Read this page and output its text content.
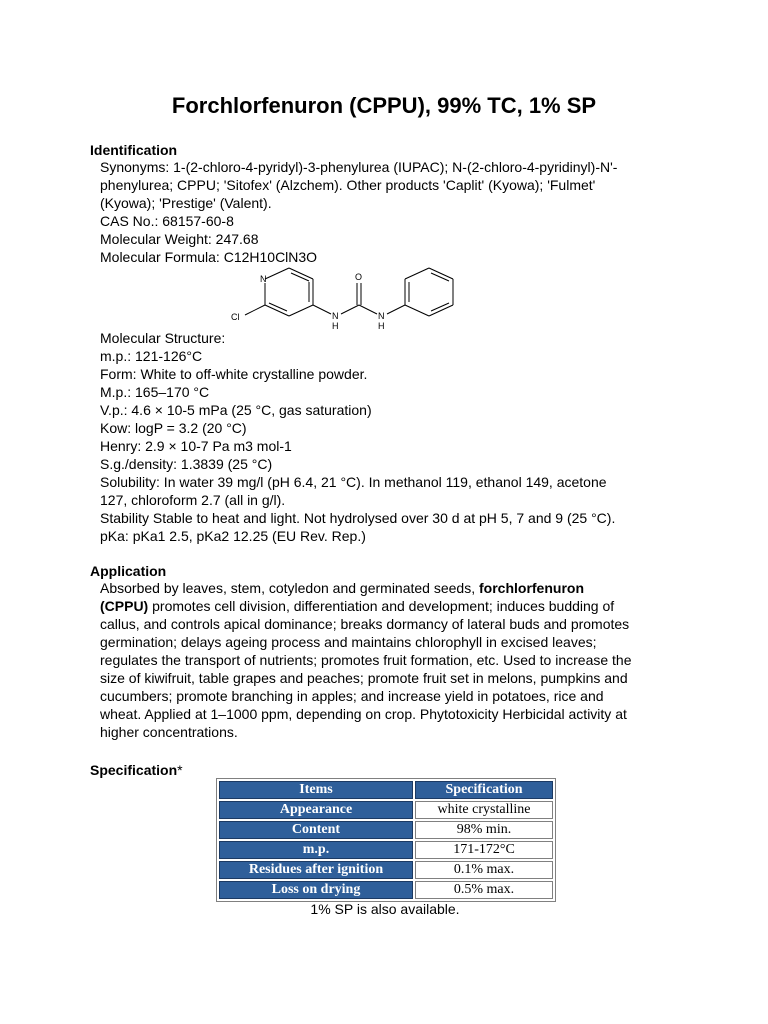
Forchlorfenuron (CPPU), 99% TC, 1% SP
Identification
Synonyms: 1-(2-chloro-4-pyridyl)-3-phenylurea (IUPAC); N-(2-chloro-4-pyridinyl)-N'-
phenylurea; CPPU; 'Sitofex' (Alzchem). Other products 'Caplit' (Kyowa); 'Fulmet'
(Kyowa); 'Prestige' (Valent).
CAS No.: 68157-60-8
Molecular Weight: 247.68
Molecular Formula: C12H10ClN3O
Molecular Structure:
N
Cl
O
N
H
N
H
m.p.: 121-126°C
Form: White to off-white crystalline powder.
M.p.: 165–170 °C
V.p.: 4.6 × 10-5 mPa (25 °C, gas saturation)
Kow: logP = 3.2 (20 °C)
Henry: 2.9 × 10-7 Pa m3 mol-1
S.g./density: 1.3839 (25 °C)
Solubility: In water 39 mg/l (pH 6.4, 21 °C). In methanol 119, ethanol 149, acetone
127, chloroform 2.7 (all in g/l).
Stability Stable to heat and light. Not hydrolysed over 30 d at pH 5, 7 and 9 (25 °C).
pKa: pKa1 2.5, pKa2 12.25 (EU Rev. Rep.)
Application
Absorbed by leaves, stem, cotyledon and germinated seeds, forchlorfenuron
(CPPU) promotes cell division, differentiation and development; induces budding of
callus, and controls apical dominance; breaks dormancy of lateral buds and promotes
germination; delays ageing process and maintains chlorophyll in excised leaves;
regulates the transport of nutrients; promotes fruit formation, etc. Used to increase the
size of kiwifruit, table grapes and peaches; promote fruit set in melons, pumpkins and
cucumbers; promote branching in apples; and increase yield in potatoes, rice and
wheat. Applied at 1–1000 ppm, depending on crop. Phytotoxicity Herbicidal activity at
higher concentrations.
Specification*
Items	Specification
Appearance	white crystalline
Content	98% min.
m.p.	171-172°C
Residues after ignition	0.1% max.
Loss on drying	0.5% max.
1% SP is also available.
